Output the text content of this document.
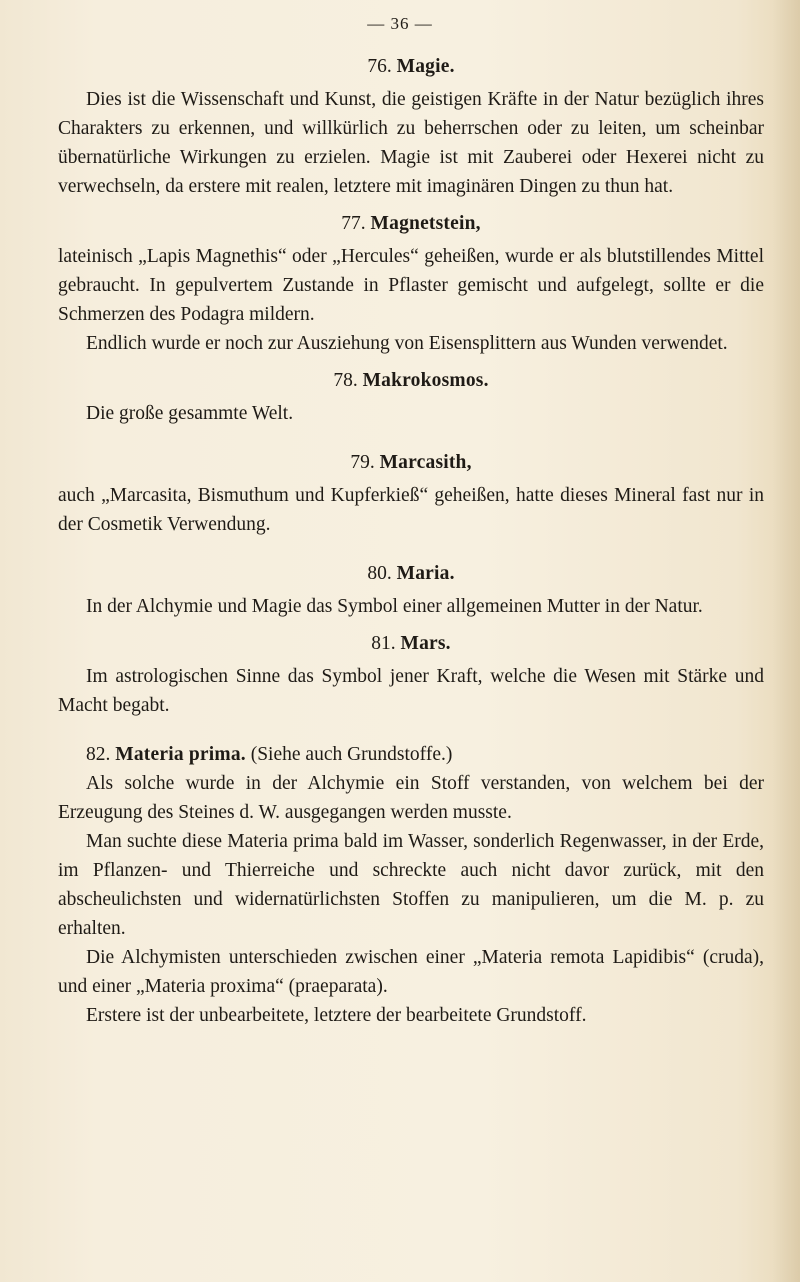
— 36 —
76. Magie.

Dies ist die Wissenschaft und Kunst, die geistigen Kräfte in der Natur bezüglich ihres Charakters zu erkennen, und willkürlich zu beherrschen oder zu leiten, um scheinbar übernatürliche Wirkungen zu erzielen. Magie ist mit Zauberei oder Hexerei nicht zu verwechseln, da erstere mit realen, letztere mit imaginären Dingen zu thun hat.

77. Magnetstein,

lateinisch „Lapis Magnethis“ oder „Hercules“ geheißen, wurde er als blutstillendes Mittel gebraucht. In gepulvertem Zustande in Pflaster gemischt und aufgelegt, sollte er die Schmerzen des Podagra mildern.

Endlich wurde er noch zur Ausziehung von Eisensplittern aus Wunden verwendet.

78. Makrokosmos.

Die große gesammte Welt.

79. Marcasith,

auch „Marcasita, Bismuthum und Kupferkieß“ geheißen, hatte dieses Mineral fast nur in der Cosmetik Verwendung.

80. Maria.

In der Alchymie und Magie das Symbol einer allgemeinen Mutter in der Natur.

81. Mars.

Im astrologischen Sinne das Symbol jener Kraft, welche die Wesen mit Stärke und Macht begabt.

82. Materia prima. (Siehe auch Grundstoffe.)

Als solche wurde in der Alchymie ein Stoff verstanden, von welchem bei der Erzeugung des Steines d. W. ausgegangen werden musste.

Man suchte diese Materia prima bald im Wasser, sonderlich Regenwasser, in der Erde, im Pflanzen- und Thierreiche und schreckte auch nicht davor zurück, mit den abscheulichsten und widernatürlichsten Stoffen zu manipulieren, um die M. p. zu erhalten.

Die Alchymisten unterschieden zwischen einer „Materia remota Lapidibis“ (cruda), und einer „Materia proxima“ (praeparata).

Erstere ist der unbearbeitete, letztere der bearbeitete Grundstoff.
